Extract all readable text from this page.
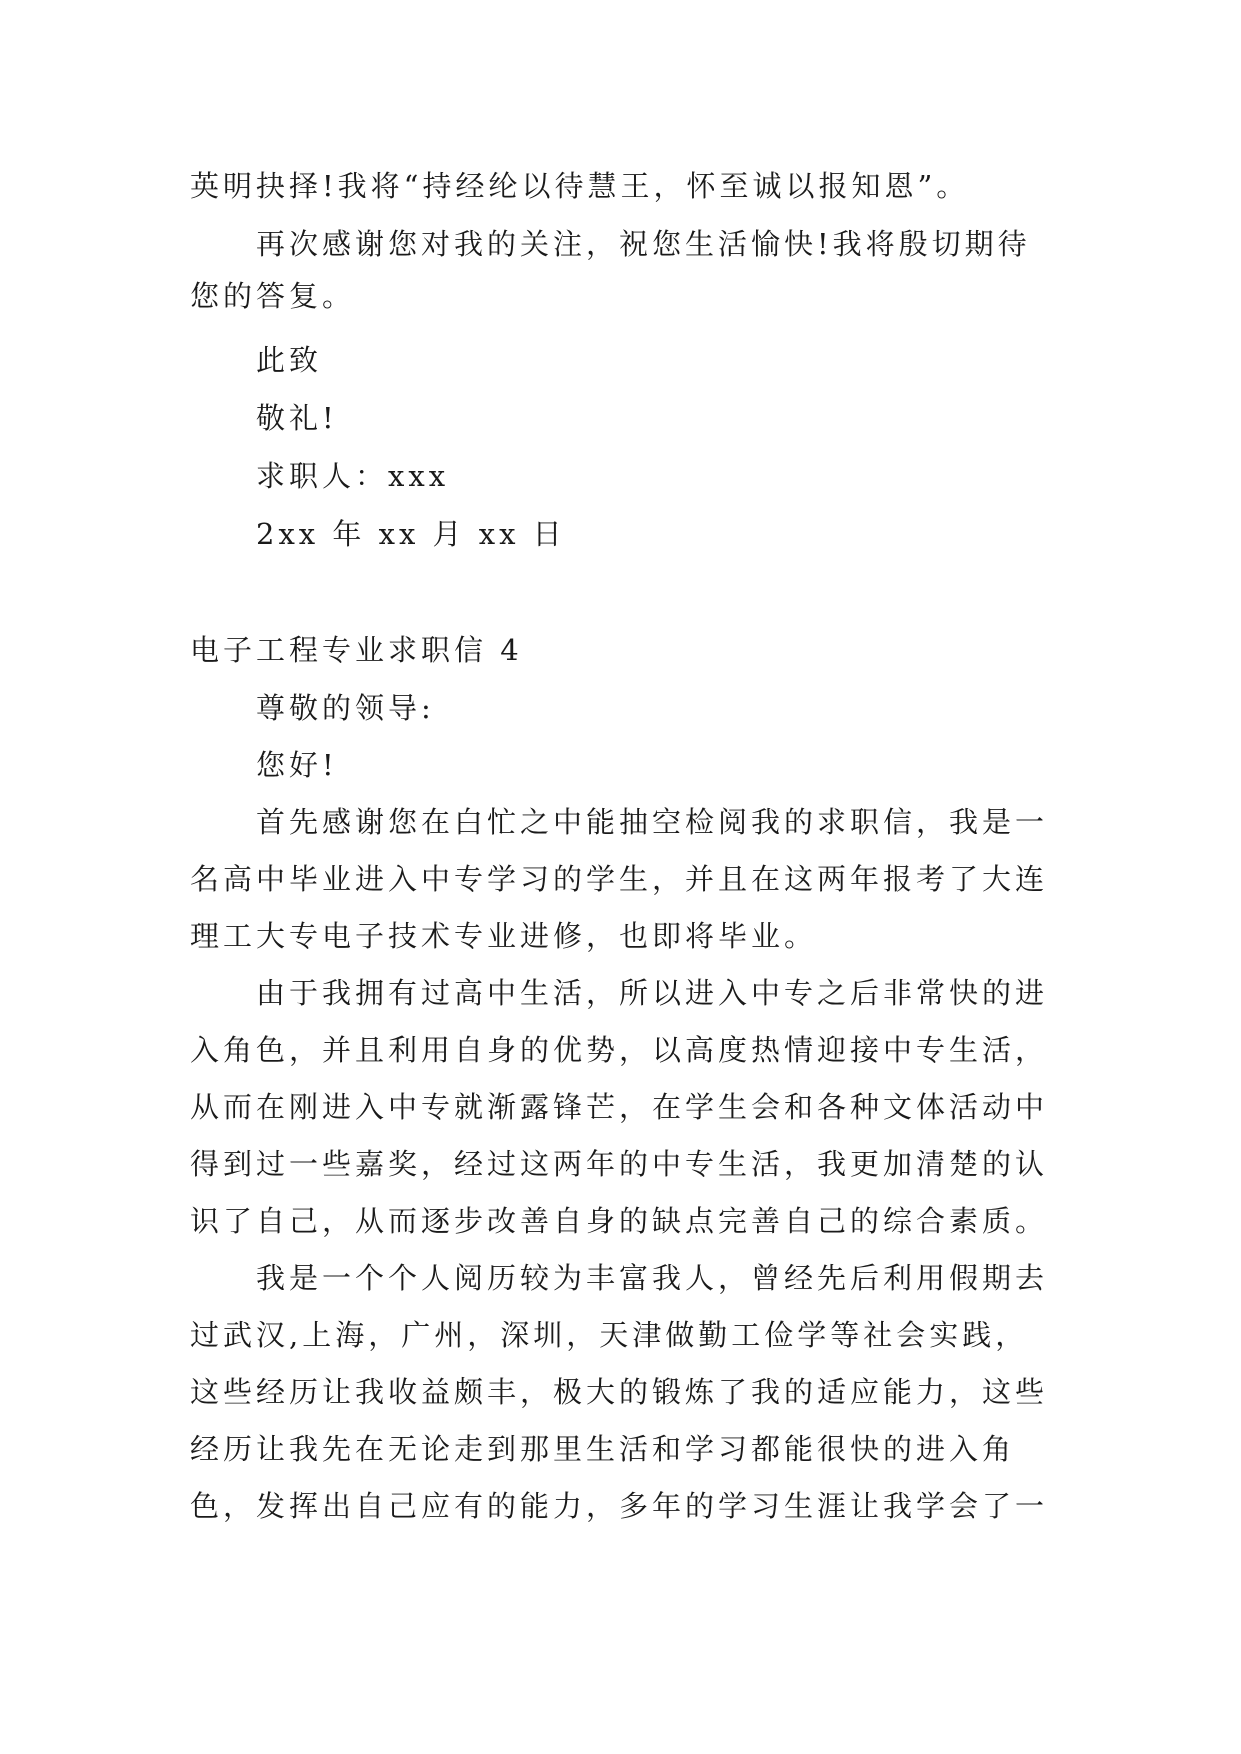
英明抉择!我将“持经纶以待慧王，怀至诚以报知恩”。
再次感谢您对我的关注，祝您生活愉快!我将殷切期待
您的答复。
此致
敬礼!
求职人：xxx
2xx 年 xx 月 xx 日
电子工程专业求职信 4
尊敬的领导:
您好!
首先感谢您在白忙之中能抽空检阅我的求职信，我是一
名高中毕业进入中专学习的学生，并且在这两年报考了大连
理工大专电子技术专业进修，也即将毕业。
由于我拥有过高中生活，所以进入中专之后非常快的进
入角色，并且利用自身的优势，以高度热情迎接中专生活，
从而在刚进入中专就渐露锋芒，在学生会和各种文体活动中
得到过一些嘉奖，经过这两年的中专生活，我更加清楚的认
识了自己，从而逐步改善自身的缺点完善自己的综合素质。
我是一个个人阅历较为丰富我人，曾经先后利用假期去
过武汉,上海，广州，深圳，天津做勤工俭学等社会实践，
这些经历让我收益颇丰，极大的锻炼了我的适应能力，这些
经历让我先在无论走到那里生活和学习都能很快的进入角
色，发挥出自己应有的能力，多年的学习生涯让我学会了一
